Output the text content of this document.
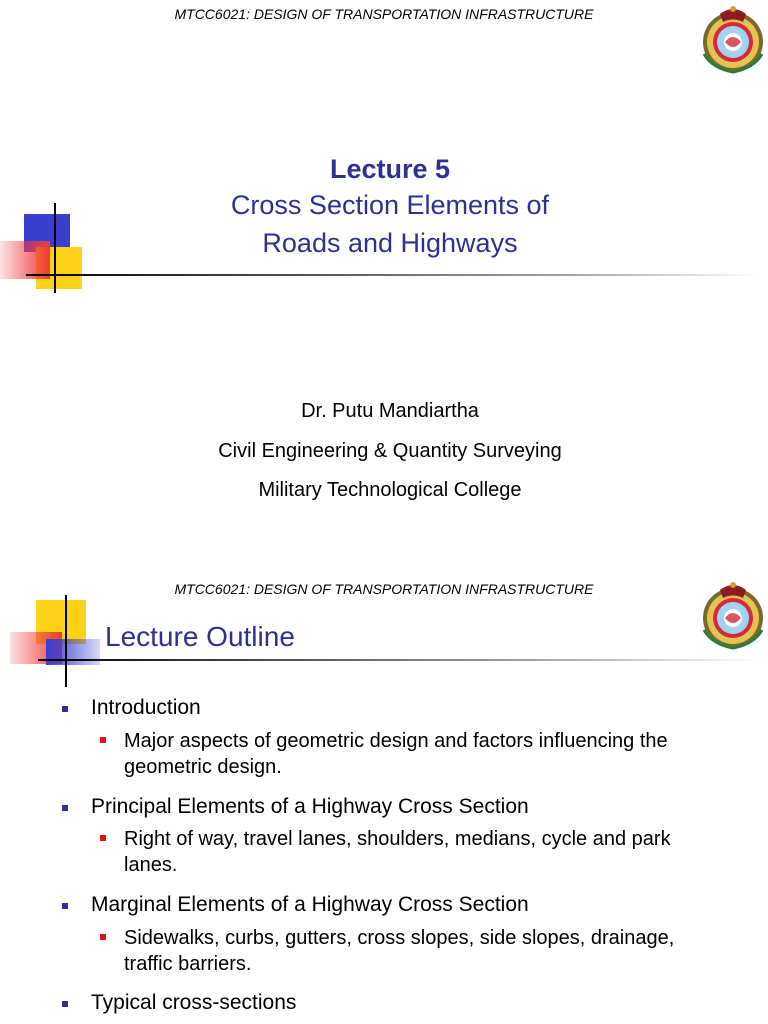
MTCC6021: DESIGN OF TRANSPORTATION INFRASTRUCTURE
Lecture 5
Cross Section Elements of
Roads and Highways
Dr. Putu Mandiartha
Civil Engineering & Quantity Surveying
Military Technological College
MTCC6021: DESIGN OF TRANSPORTATION INFRASTRUCTURE
Lecture Outline
Introduction
Major aspects of geometric design and factors influencing the geometric design.
Principal Elements of a Highway Cross Section
Right of way, travel lanes, shoulders, medians, cycle and park lanes.
Marginal Elements of a Highway Cross Section
Sidewalks, curbs, gutters, cross slopes, side slopes, drainage, traffic barriers.
Typical cross-sections
